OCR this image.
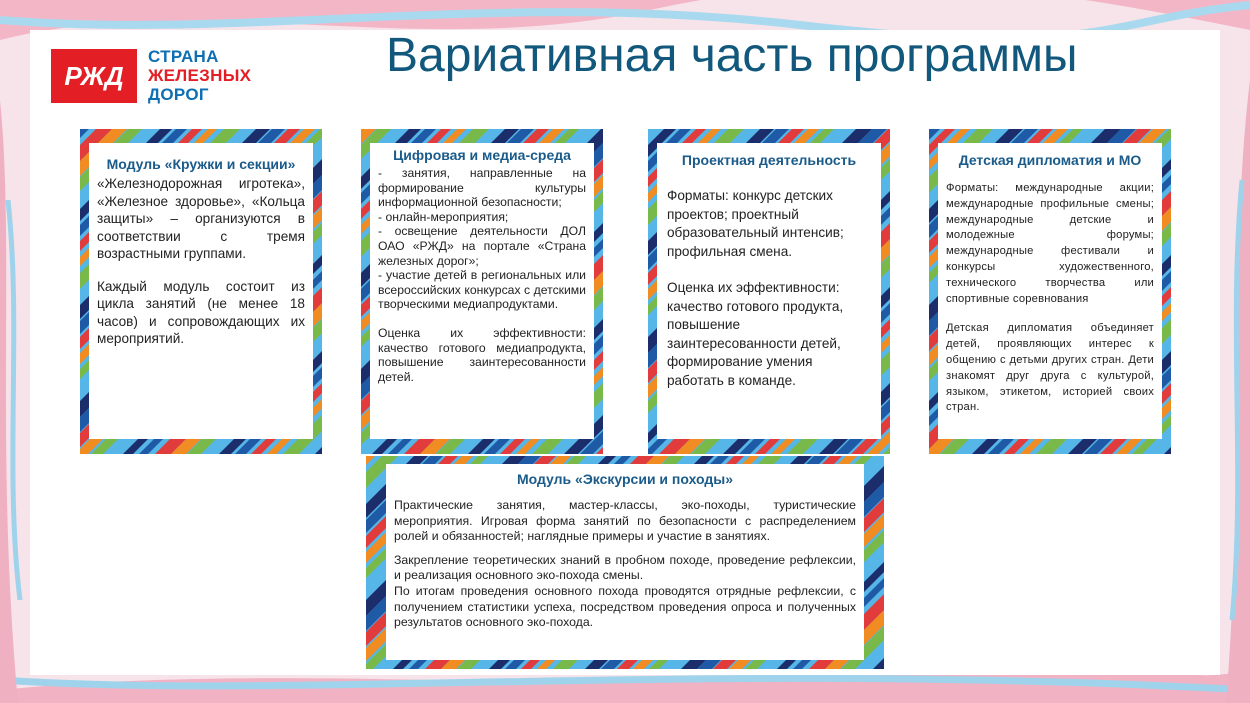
РЖД
СТРАНА
ЖЕЛЕЗНЫХ
ДОРОГ
Вариативная часть программы
Модуль «Кружки и секции»

«Железнодорожная игротека», «Железное здоровье», «Кольца защиты» – организуются в соответствии с тремя возрастными группами.

Каждый модуль состоит из цикла занятий (не менее 18 часов) и сопровождающих их мероприятий.

Цифровая и медиа-среда

- занятия, направленные на формирование культуры информационной безопасности;

- онлайн-мероприятия;

- освещение деятельности ДОЛ ОАО «РЖД» на портале «Страна железных дорог»;

- участие детей в региональных или всероссийских конкурсах с детскими творческими медиапродуктами.

Оценка их эффективности: качество готового медиапродукта, повышение заинтересованности детей.

Проектная деятельность

Форматы: конкурс детских проектов; проектный образовательный интенсив; профильная смена.

Оценка их эффективности: качество готового продукта, повышение заинтересованности детей, формирование умения работать в команде.

Детская дипломатия и МО

Форматы: международные акции; международные профильные смены; международные детские и молодежные форумы; международные фестивали и конкурсы художественного, технического творчества или спортивные соревнования

Детская дипломатия объединяет детей, проявляющих интерес к общению с детьми других стран. Дети знакомят друг друга с культурой, языком, этикетом, историей своих стран.

Модуль «Экскурсии и походы»

Практические занятия, мастер-классы, эко-походы, туристические мероприятия. Игровая форма занятий по безопасности с распределением ролей и обязанностей; наглядные примеры и участие в занятиях.

Закрепление теоретических знаний в пробном походе, проведение рефлексии, и реализация основного эко-похода смены.

По итогам проведения основного похода проводятся отрядные рефлексии, с получением статистики успеха, посредством проведения опроса и полученных результатов основного эко-похода.
